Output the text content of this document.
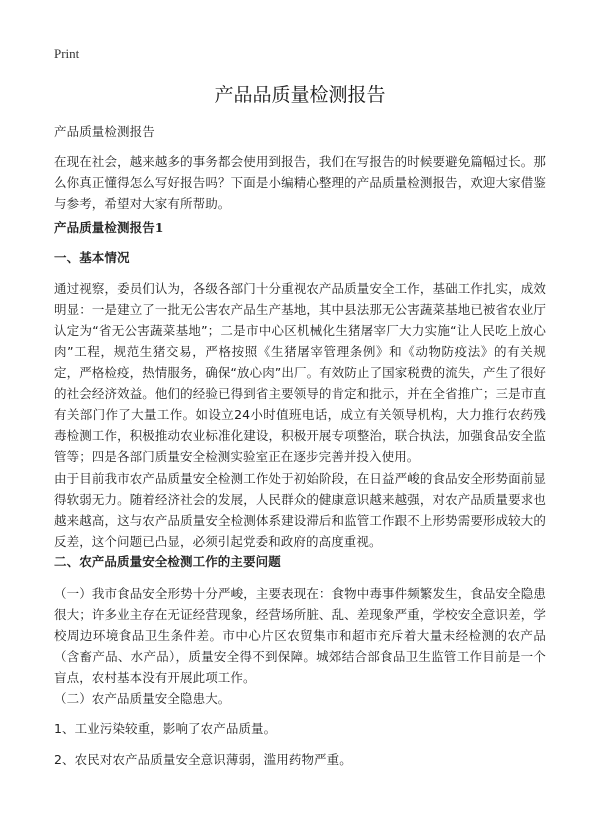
Print
产品品质量检测报告
产品质量检测报告
在现在社会，越来越多的事务都会使用到报告，我们在写报告的时候要避免篇幅过长。那么你真正懂得怎么写好报告吗？下面是小编精心整理的产品质量检测报告，欢迎大家借鉴与参考，希望对大家有所帮助。
产品质量检测报告1
一、基本情况
通过视察，委员们认为，各级各部门十分重视农产品质量安全工作，基础工作扎实，成效明显：一是建立了一批无公害农产品生产基地，其中县法那无公害蔬菜基地已被省农业厅认定为“省无公害蔬菜基地”；二是市中心区机械化生猪屠宰厂大力实施“让人民吃上放心肉”工程，规范生猪交易，严格按照《生猪屠宰管理条例》和《动物防疫法》的有关规定，严格检疫，热情服务，确保“放心肉”出厂。有效防止了国家税费的流失，产生了很好的社会经济效益。他们的经验已得到省主要领导的肯定和批示，并在全省推广；三是市直有关部门作了大量工作。如设立24小时值班电话，成立有关领导机构，大力推行农药残毒检测工作，积极推动农业标准化建设，积极开展专项整治，联合执法，加强食品安全监管等；四是各部门质量安全检测实验室正在逐步完善并投入使用。
由于目前我市农产品质量安全检测工作处于初始阶段，在日益严峻的食品安全形势面前显得软弱无力。随着经济社会的发展，人民群众的健康意识越来越强，对农产品质量要求也越来越高，这与农产品质量安全检测体系建设滞后和监管工作跟不上形势需要形成较大的反差，这个问题已凸显，必须引起党委和政府的高度重视。
二、农产品质量安全检测工作的主要问题
（一）我市食品安全形势十分严峻，主要表现在：食物中毒事件频繁发生，食品安全隐患很大；许多业主存在无证经营现象，经营场所脏、乱、差现象严重，学校安全意识差，学校周边环境食品卫生条件差。市中心片区农贸集市和超市充斥着大量未经检测的农产品（含畜产品、水产品），质量安全得不到保障。城郊结合部食品卫生监管工作目前是一个盲点，农村基本没有开展此项工作。
（二）农产品质量安全隐患大。
1、工业污染较重，影响了农产品质量。
2、农民对农产品质量安全意识薄弱，滥用药物严重。
